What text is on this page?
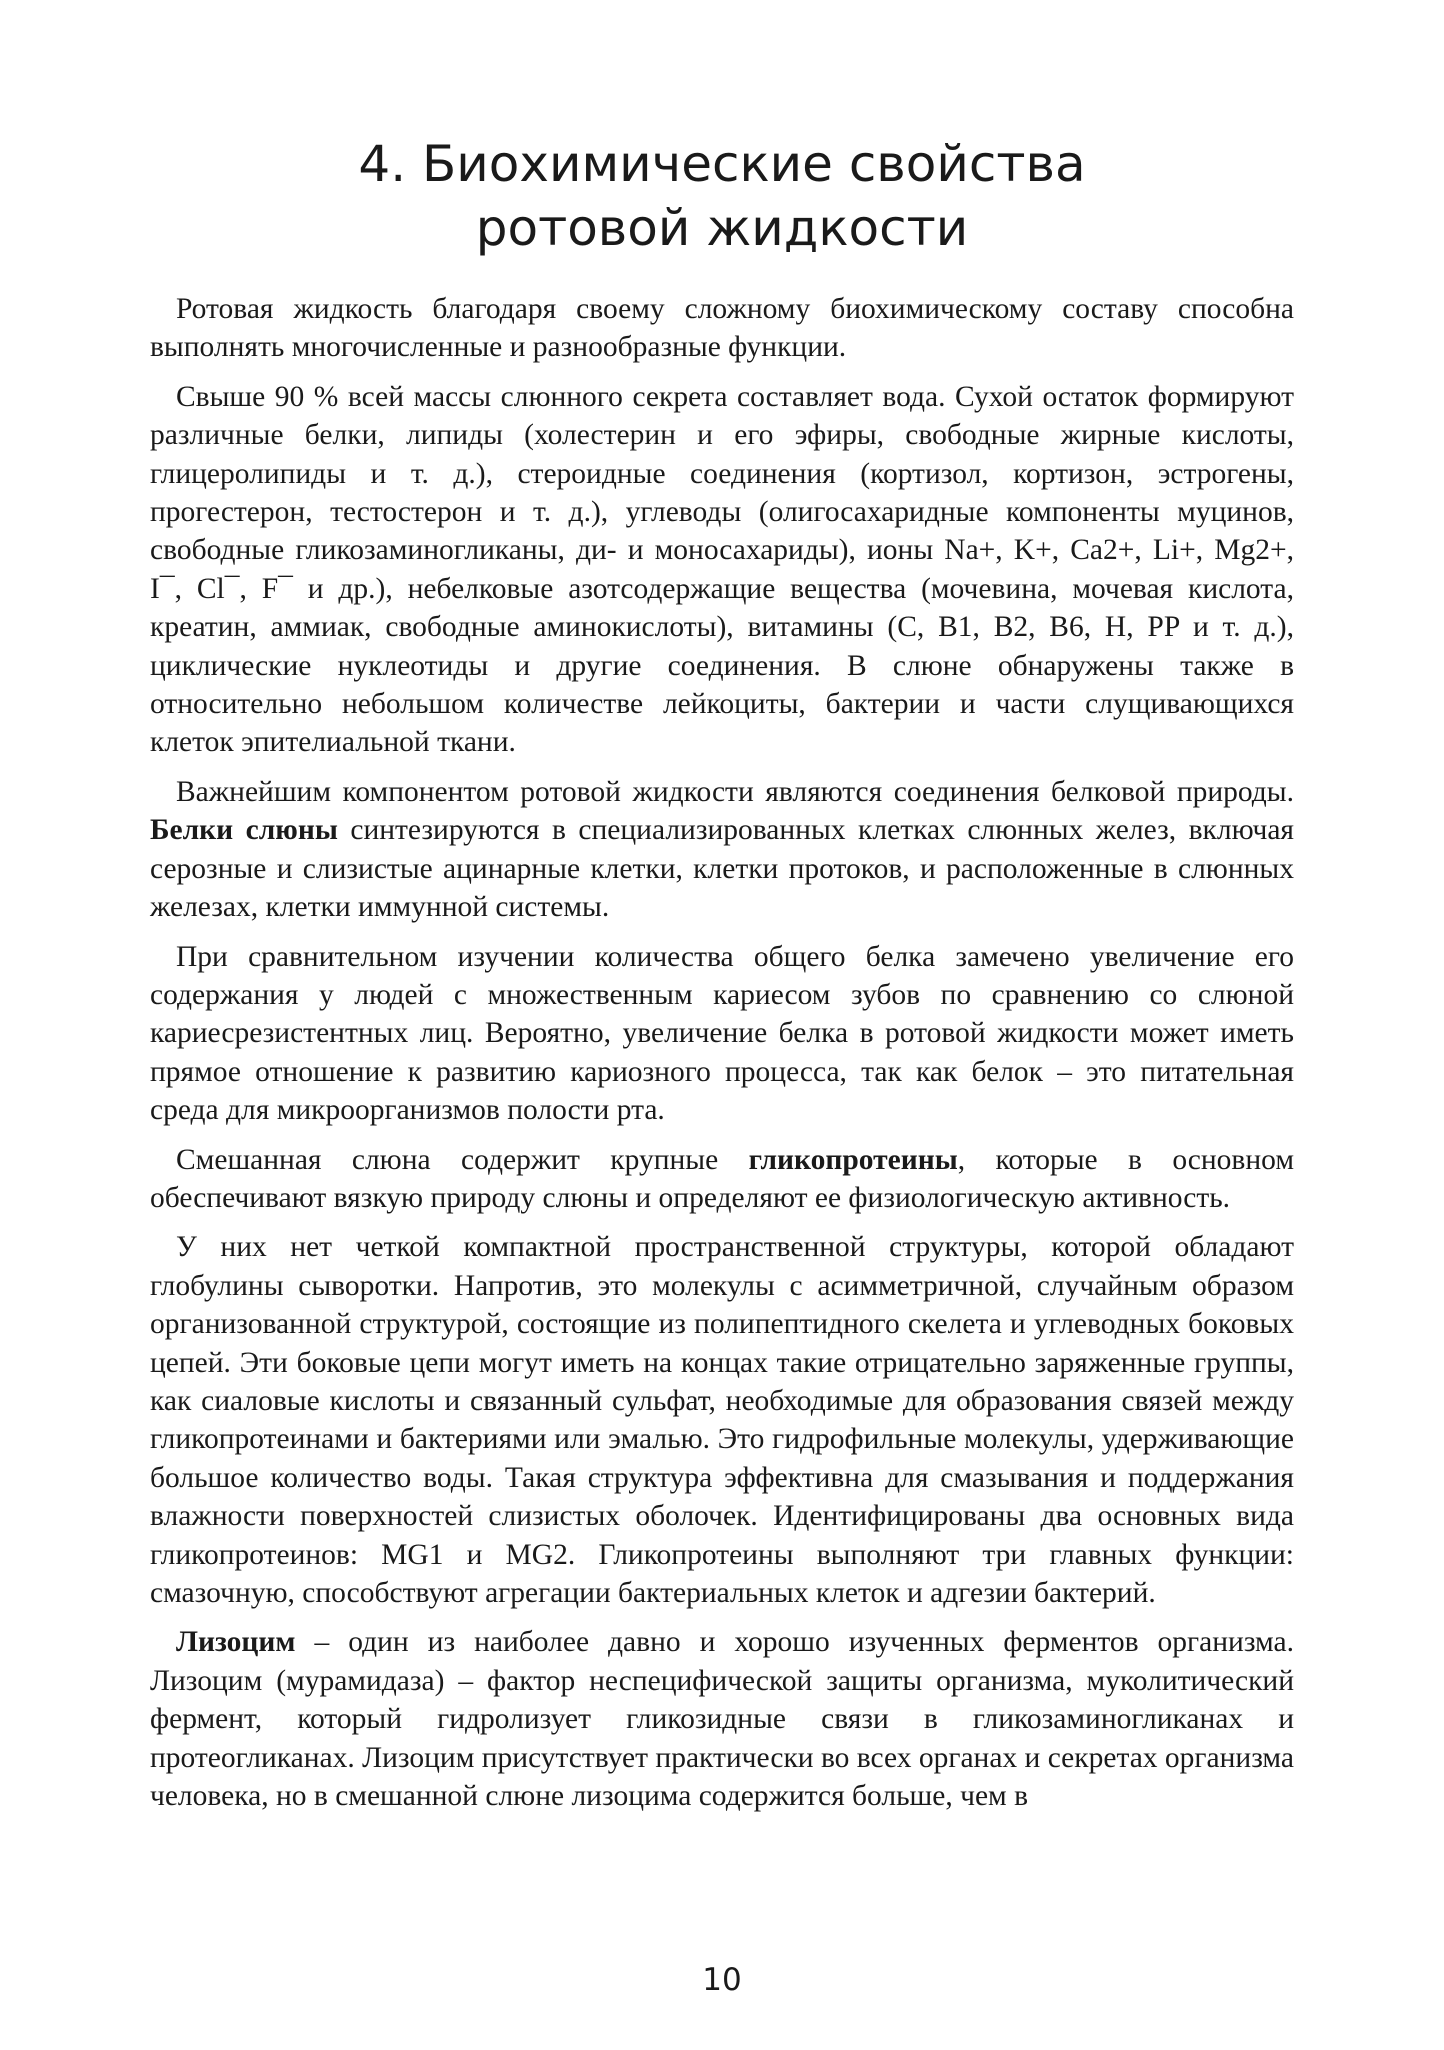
4. Биохимические свойства
ротовой жидкости

Ротовая жидкость благодаря своему сложному биохимическому составу способна выполнять многочисленные и разнообразные функции.

Свыше 90 % всей массы слюнного секрета составляет вода. Сухой остаток формируют различные белки, липиды (холестерин и его эфиры, свободные жирные кислоты, глицеролипиды и т. д.), стероидные соединения (кортизол, кортизон, эстрогены, прогестерон, тестостерон и т. д.), углеводы (олигосахаридные компоненты муцинов, свободные гликозаминогликаны, ди- и моносахариды), ионы Na+, K+, Ca2+, Li+, Mg2+, I¯, Cl¯, F¯ и др.), небелковые азотсодержащие вещества (мочевина, мочевая кислота, креатин, аммиак, свободные аминокислоты), витамины (C, B1, B2, B6, H, PP и т. д.), циклические нуклеотиды и другие соединения. В слюне обнаружены также в относительно небольшом количестве лейкоциты, бактерии и части слущивающихся клеток эпителиальной ткани.

Важнейшим компонентом ротовой жидкости являются соединения белковой природы. Белки слюны синтезируются в специализированных клетках слюнных желез, включая серозные и слизистые ацинарные клетки, клетки протоков, и расположенные в слюнных железах, клетки иммунной системы.

При сравнительном изучении количества общего белка замечено увеличение его содержания у людей с множественным кариесом зубов по сравнению со слюной кариесрезистентных лиц. Вероятно, увеличение белка в ротовой жидкости может иметь прямое отношение к развитию кариозного процесса, так как белок – это питательная среда для микроорганизмов полости рта.

Смешанная слюна содержит крупные гликопротеины, которые в основном обеспечивают вязкую природу слюны и определяют ее физиологическую активность.

У них нет четкой компактной пространственной структуры, которой обладают глобулины сыворотки. Напротив, это молекулы с асимметричной, случайным образом организованной структурой, состоящие из полипептидного скелета и углеводных боковых цепей. Эти боковые цепи могут иметь на концах такие отрицательно заряженные группы, как сиаловые кислоты и связанный сульфат, необходимые для образования связей между гликопротеинами и бактериями или эмалью. Это гидрофильные молекулы, удерживающие большое количество воды. Такая структура эффективна для смазывания и поддержания влажности поверхностей слизистых оболочек. Идентифицированы два основных вида гликопротеинов: MG1 и MG2. Гликопротеины выполняют три главных функции: смазочную, способствуют агрегации бактериальных клеток и адгезии бактерий.

Лизоцим – один из наиболее давно и хорошо изученных ферментов организма. Лизоцим (мурамидаза) – фактор неспецифической защиты организма, муколитический фермент, который гидролизует гликозидные связи в гликозаминогликанах и протеогликанах. Лизоцим присутствует практически во всех органах и секретах организма человека, но в смешанной слюне лизоцима содержится больше, чем в

10
